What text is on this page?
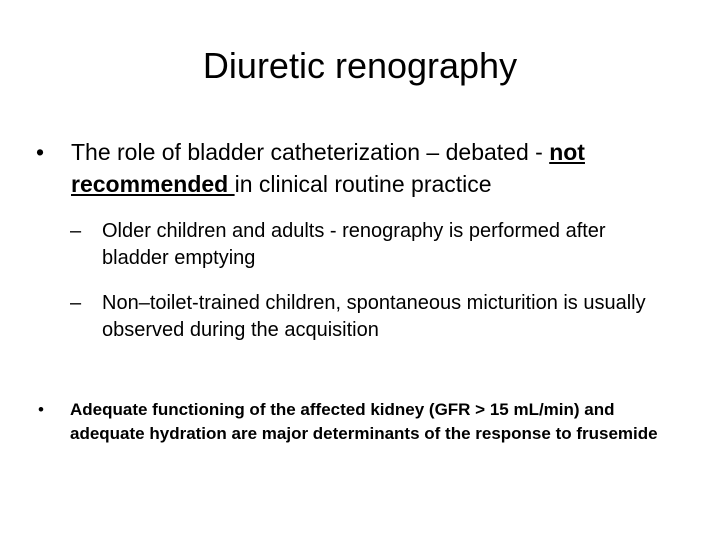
Diuretic renography
• The role of bladder catheterization – debated - not recommended in clinical routine practice
– Older children and adults - renography is performed after bladder emptying
– Non–toilet-trained children, spontaneous micturition is usually observed during the acquisition
• Adequate functioning of the affected kidney (GFR > 15 mL/min) and adequate hydration are major determinants of the response to frusemide
